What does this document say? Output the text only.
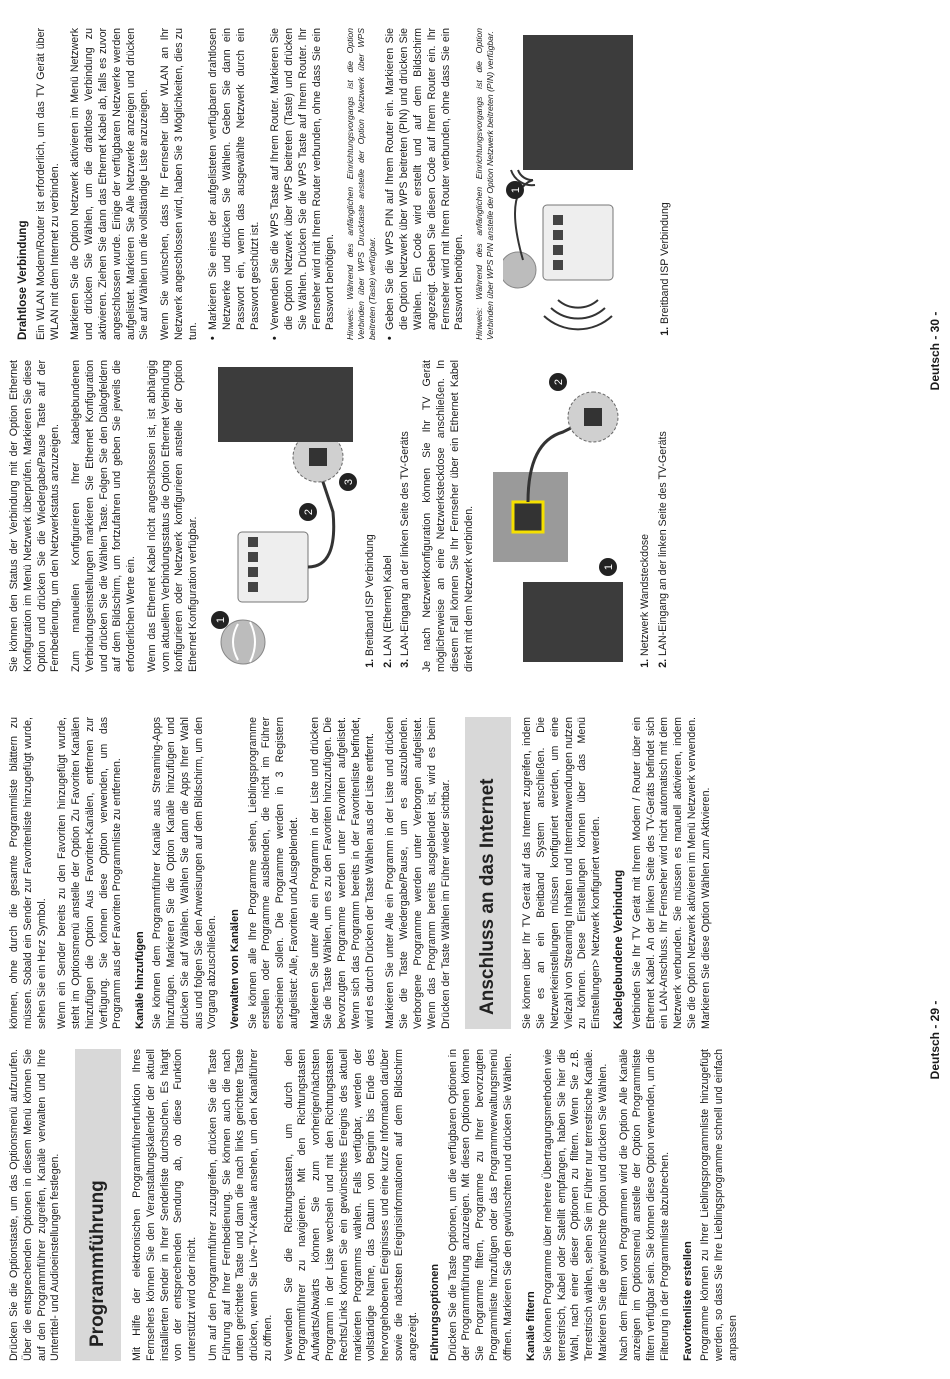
Drücken Sie die Optionstaste, um das Optionsmenü aufzurufen. Über die entsprechenden Optionen in diesem Menü können Sie auf den Programmführer zugreifen, Kanäle verwalten und Ihre Untertitel- und Audioeinstellungen festlegen. Programmführung Mit Hilfe der elektronischen Programmführerfunktion Ihres Fernsehers können Sie den Veranstaltungskalender der aktuell installierten Sender in Ihrer Senderliste durchsuchen. Es hängt von der entsprechenden Sendung ab, ob diese Funktion unterstützt wird oder nicht. Um auf den Programmführer zuzugreifen, drücken Sie die Taste Führung auf Ihrer Fernbedienung. Sie können auch die nach unten gerichtete Taste und dann die nach links gerichtete Taste drücken, wenn Sie Live-TV-Kanäle ansehen, um den Kanalführer zu öffnen. Verwenden Sie die Richtungstasten, um durch den Programmführer zu navigieren. Mit den Richtungstasten Aufwärts/Abwärts können Sie zum vorherigen/nächsten Programm in der Liste wechseln und mit den Richtungstasten Rechts/Links können Sie ein gewünschtes Ereignis des aktuell markierten Programms wählen. Falls verfügbar, werden der vollständige Name, das Datum von Beginn bis Ende des hervorgehobenen Ereignisses und eine kurze Information darüber sowie die nächsten Ereignisinformationen auf dem Bildschirm angezeigt. Führungsoptionen Drücken Sie die Taste Optionen, um die verfügbaren Optionen in der Programmführung anzuzeigen. Mit diesen Optionen können Sie Programme filtern, Programme zu Ihrer bevorzugten Programmliste hinzufügen oder das Programmverwaltungsmenü öffnen. Markieren Sie den gewünschten und drücken Sie Wählen. Kanäle filtern Sie können Programme über mehrere Übertragungsmethoden wie terrestrisch, Kabel oder Satellit empfangen, haben Sie hier die Wahl, nach einer dieser Optionen zu filtern. Wenn Sie z.B. Terrestrisch wählen, sehen Sie im Führer nur terrestrische Kanäle. Markieren Sie die gewünschte Option und drücken Sie Wählen. Nach dem Filtern von Programmen wird die Option Alle Kanäle anzeigen im Optionsmenü anstelle der Option Programmliste filtern verfügbar sein. Sie können diese Option verwenden, um die Filterung in der Programmliste abzubrechen. Favoritenliste erstellen Programme können zu Ihrer Lieblingsprogrammliste hinzugefügt werden, so dass Sie Ihre Lieblingsprogramme schnell und einfach anpassen

können, ohne durch die gesamte Programmliste blättern zu müssen. Sobald ein Sender zur Favoritenliste hinzugefügt wurde, sehen Sie ein Herz Symbol. Wenn ein Sender bereits zu den Favoriten hinzugefügt wurde, steht im Optionsmenü anstelle der Option Zu Favoriten Kanälen hinzufügen die Option Aus Favoriten-Kanälen, entfernen zur Verfügung. Sie können diese Option verwenden, um das Programm aus der Favoriten Programmliste zu entfernen. Kanäle hinzufügen Sie können dem Programmführer Kanäle aus Streaming-Apps hinzufügen. Markieren Sie die Option Kanäle hinzufügen und drücken Sie auf Wählen. Wählen Sie dann die Apps Ihrer Wahl aus und folgen Sie den Anweisungen auf dem Bildschirm, um den Vorgang abzuschließen. Verwalten von Kanälen Sie können alle Ihre Programme sehen, Lieblingsprogramme erstellen oder Programme ausblenden, die nicht im Führer erscheinen sollen. Die Programme werden in 3 Registern aufgelistet: Alle, Favoriten und Ausgeblendet. Markieren Sie unter Alle ein Programm in der Liste und drücken Sie die Taste Wählen, um es zu den Favoriten hinzuzufügen. Die bevorzugten Programme werden unter Favoriten aufgelistet. Wenn sich das Programm bereits in der Favoritenliste befindet, wird es durch Drücken der Taste Wählen aus der Liste entfernt. Markieren Sie unter Alle ein Programm in der Liste und drücken Sie die Taste Wiedergabe/Pause, um es auszublenden. Verborgene Programme werden unter Verborgen aufgelistet. Wenn das Programm bereits ausgeblendet ist, wird es beim Drücken der Taste Wählen im Führer wieder sichtbar. Anschluss an das Internet Sie können über Ihr TV Gerät auf das Internet zugreifen, indem Sie es an ein Breitband System anschließen. Die Netzwerkeinstellungen müssen konfiguriert werden, um eine Vielzahl von Streaming Inhalten und Internetanwendungen nutzen zu können. Diese Einstellungen können über das Menü Einstellungen> Netzwerk konfiguriert werden. Kabelgebundene Verbindung Verbinden Sie Ihr TV Gerät mit Ihrem Modem / Router über ein Ethernet Kabel. An der linken Seite des TV-Geräts befindet sich ein LAN-Anschluss. Ihr Fernseher wird nicht automatisch mit dem Netzwerk verbunden. Sie müssen es manuell aktivieren, indem Sie die Option Netzwerk aktivieren im Menü Netzwerk verwenden. Markieren Sie diese Option Wählen zum Aktivieren.

Deutsch - 29 -

Sie können den Status der Verbindung mit der Option Ethernet Konfiguration im Menü Netzwerk überprüfen. Markieren Sie diese Option und drücken Sie die Wiedergabe/Pause Taste auf der Fernbedienung, um den Netzwerkstatus anzuzeigen. Zum manuellen Konfigurieren Ihrer kabelgebundenen Verbindungseinstellungen markieren Sie Ethernet Konfiguration und drücken Sie die Wählen Taste. Folgen Sie den Dialogfeldern auf dem Bildschirm, um fortzufahren und geben Sie jeweils die erforderlichen Werte ein. Wenn das Ethernet Kabel nicht angeschlossen ist, ist abhängig vom aktuellem Verbindungsstatus die Option Ethernet Verbindung konfigurieren oder Netzwerk konfigurieren anstelle der Option Ethernet Konfiguration verfügbar. 1
2
3
1. Breitband ISP Verbindung 2. LAN (Ethernet) Kabel 3. LAN-Eingang an der linken Seite des TV-Geräts Je nach Netzwerkkonfiguration können Sie Ihr TV Gerät möglicherweise an eine Netzwerksteckdose anschließen. In diesem Fall können Sie Ihr Fernseher über ein Ethernet Kabel direkt mit dem Netzwerk verbinden.	1
2
1. Netzwerk Wandsteckdose 2. LAN-Eingang an der linken Seite des TV-Geräts
Drahtlose Verbindung Ein WLAN Modem/Router ist erforderlich, um das TV Gerät über WLAN mit dem Internet zu verbinden. Markieren Sie die Option Netzwerk aktivieren im Menü Netzwerk und drücken Sie Wählen, um die drahtlose Verbindung zu aktivieren. Ziehen Sie dann das Ethernet Kabel ab, falls es zuvor angeschlossen wurde. Einige der verfügbaren Netzwerke werden aufgelistet. Markieren Sie Alle Netzwerke anzeigen und drücken Sie auf Wählen um die vollständige Liste anzuzeigen. Wenn Sie wünschen, dass Ihr Fernseher über WLAN an Ihr Netzwerk angeschlossen wird, haben Sie 3 Möglichkeiten, dies zu tun. •
Markieren Sie eines der aufgelisteten verfügbaren drahtlosen Netzwerke und drücken Sie Wählen. Geben Sie dann ein Passwort ein, wenn das ausgewählte Netzwerk durch ein Passwort geschützt ist.
•
Verwenden Sie die WPS Taste auf Ihrem Router. Markieren Sie die Option Netzwerk über WPS beitreten (Taste) und drücken Sie Wählen. Drücken Sie die WPS Taste auf Ihrem Router. Ihr Fernseher wird mit Ihrem Router verbunden, ohne dass Sie ein Passwort benötigen. Hinweis: Während des anfänglichen Einrichtungsvorgangs ist die Option Verbinden über WPS Drucktaste anstelle der Option Netzwerk über WPS beitreten (Taste) verfügbar. •
Geben Sie die WPS PIN auf Ihrem Router ein. Markieren Sie die Option Netzwerk über WPS beitreten (PIN) und drücken Sie Wählen. Ein Code wird erstellt und auf dem Bildschirm angezeigt. Geben Sie diesen Code auf Ihrem Router ein. Ihr Fernseher wird mit Ihrem Router verbunden, ohne dass Sie ein Passwort benötigen. Hinweis: Während des anfänglichen Einrichtungsvorgangs ist die Option Verbinden über WPS PIN anstelle der Option Netzwerk beitreten (PIN) verfügbar. 1
1. Breitband ISP Verbindung
Deutsch - 30 -
